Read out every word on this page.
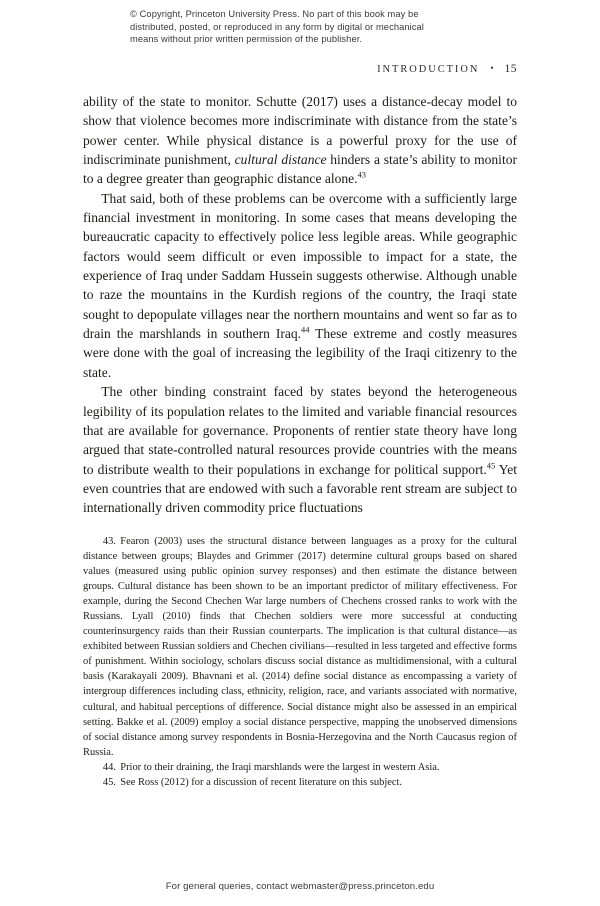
© Copyright, Princeton University Press. No part of this book may be
distributed, posted, or reproduced in any form by digital or mechanical
means without prior written permission of the publisher.
INTRODUCTION • 15

ability of the state to monitor. Schutte (2017) uses a distance-decay model to show that violence becomes more indiscriminate with distance from the state’s power center. While physical distance is a powerful proxy for the use of indiscriminate punishment, cultural distance hinders a state’s ability to monitor to a degree greater than geographic distance alone.$^{43}$

That said, both of these problems can be overcome with a sufficiently large financial investment in monitoring. In some cases that means developing the bureaucratic capacity to effectively police less legible areas. While geographic factors would seem difficult or even impossible to impact for a state, the experience of Iraq under Saddam Hussein suggests otherwise. Although unable to raze the mountains in the Kurdish regions of the country, the Iraqi state sought to depopulate villages near the northern mountains and went so far as to drain the marshlands in southern Iraq.$^{44}$ These extreme and costly measures were done with the goal of increasing the legibility of the Iraqi citizenry to the state.

The other binding constraint faced by states beyond the heterogeneous legibility of its population relates to the limited and variable financial resources that are available for governance. Proponents of rentier state theory have long argued that state-controlled natural resources provide countries with the means to distribute wealth to their populations in exchange for political support.$^{45}$ Yet even countries that are endowed with such a favorable rent stream are subject to internationally driven commodity price fluctuations

43. Fearon (2003) uses the structural distance between languages as a proxy for the cultural distance between groups; Blaydes and Grimmer (2017) determine cultural groups based on shared values (measured using public opinion survey responses) and then estimate the distance between groups. Cultural distance has been shown to be an important predictor of military effectiveness. For example, during the Second Chechen War large numbers of Chechens crossed ranks to work with the Russians. Lyall (2010) finds that Chechen soldiers were more successful at conducting counterinsurgency raids than their Russian counterparts. The implication is that cultural distance—as exhibited between Russian soldiers and Chechen civilians—resulted in less targeted and effective forms of punishment. Within sociology, scholars discuss social distance as multidimensional, with a cultural basis (Karakayali 2009). Bhavnani et al. (2014) define social distance as encompassing a variety of intergroup differences including class, ethnicity, religion, race, and variants associated with normative, cultural, and habitual perceptions of difference. Social distance might also be assessed in an empirical setting. Bakke et al. (2009) employ a social distance perspective, mapping the unobserved dimensions of social distance among survey respondents in Bosnia-Herzegovina and the North Caucasus region of Russia.

44. Prior to their draining, the Iraqi marshlands were the largest in western Asia.

45. See Ross (2012) for a discussion of recent literature on this subject.

For general queries, contact webmaster@press.princeton.edu
